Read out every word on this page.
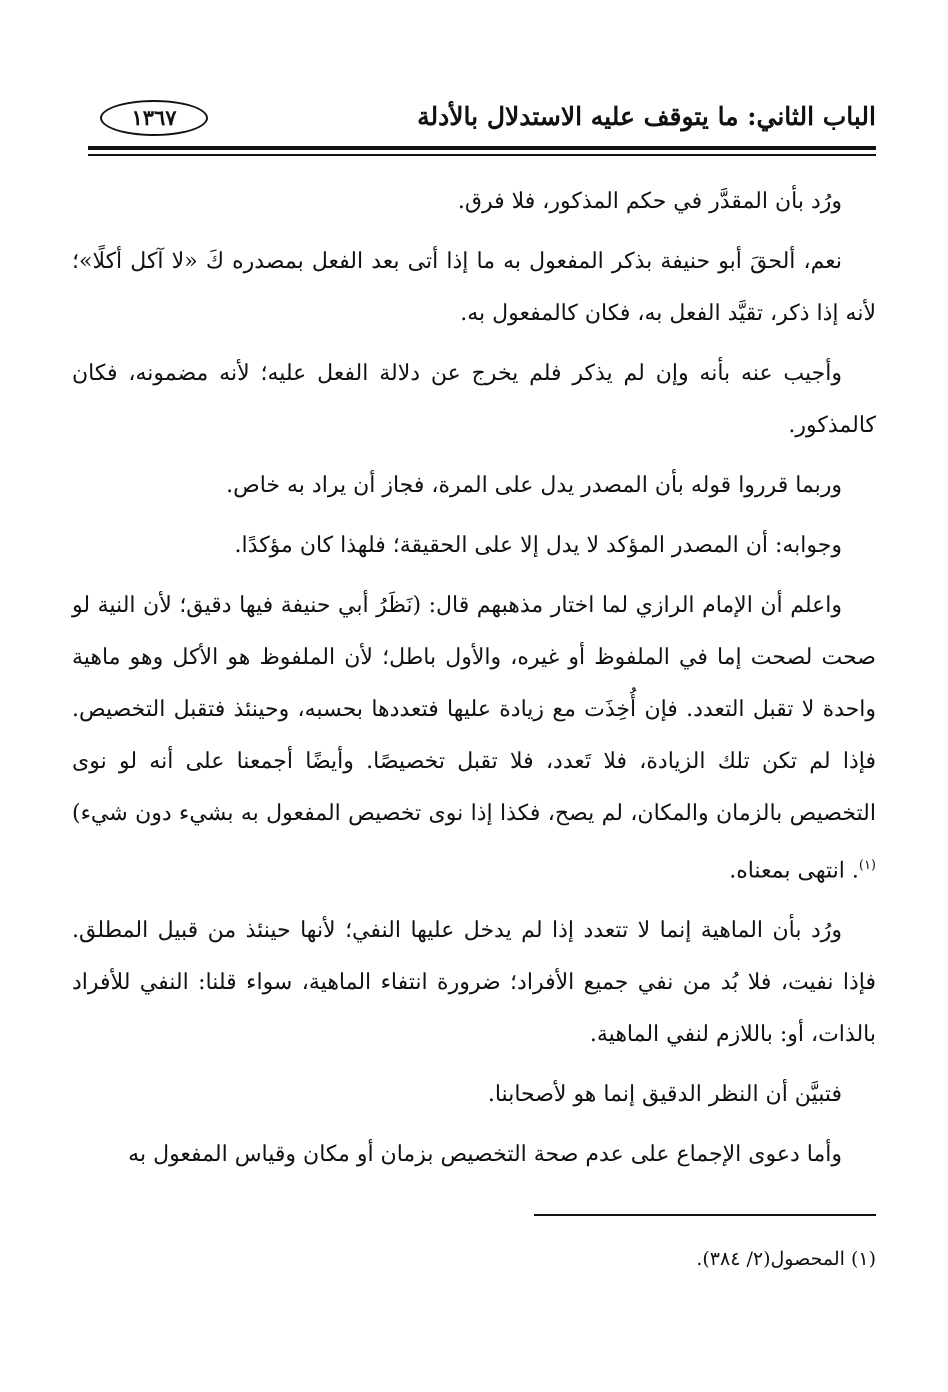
الباب الثاني: ما يتوقف عليه الاستدلال بالأدلة
١٣٦٧

ورُد بأن المقدَّر في حكم المذكور، فلا فرق.

نعم، ألحقَ أبو حنيفة بذكر المفعول به ما إذا أتى بعد الفعل بمصدره كَ «لا آكل أكلًا»؛ لأنه إذا ذكر، تقيَّد الفعل به، فكان كالمفعول به.

وأجيب عنه بأنه وإن لم يذكر فلم يخرج عن دلالة الفعل عليه؛ لأنه مضمونه، فكان كالمذكور.

وربما قرروا قوله بأن المصدر يدل على المرة، فجاز أن يراد به خاص.

وجوابه: أن المصدر المؤكد لا يدل إلا على الحقيقة؛ فلهذا كان مؤكدًا.

واعلم أن الإمام الرازي لما اختار مذهبهم قال: (نَظَرُ أبي حنيفة فيها دقيق؛ لأن النية لو صحت لصحت إما في الملفوظ أو غيره، والأول باطل؛ لأن الملفوظ هو الأكل وهو ماهية واحدة لا تقبل التعدد. فإن أُخِذَت مع زيادة عليها فتعددها بحسبه، وحينئذ فتقبل التخصيص. فإذا لم تكن تلك الزيادة، فلا تَعدد، فلا تقبل تخصيصًا. وأيضًا أجمعنا على أنه لو نوى التخصيص بالزمان والمكان، لم يصح، فكذا إذا نوى تخصيص المفعول به بشيء دون شيء)$^{(١)}$. انتهى بمعناه.

ورُد بأن الماهية إنما لا تتعدد إذا لم يدخل عليها النفي؛ لأنها حينئذ من قبيل المطلق. فإذا نفيت، فلا بُد من نفي جميع الأفراد؛ ضرورة انتفاء الماهية، سواء قلنا: النفي للأفراد بالذات، أو: باللازم لنفي الماهية.

فتبيَّن أن النظر الدقيق إنما هو لأصحابنا.

وأما دعوى الإجماع على عدم صحة التخصيص بزمان أو مكان وقياس المفعول به

(١) المحصول(٢/ ٣٨٤).
